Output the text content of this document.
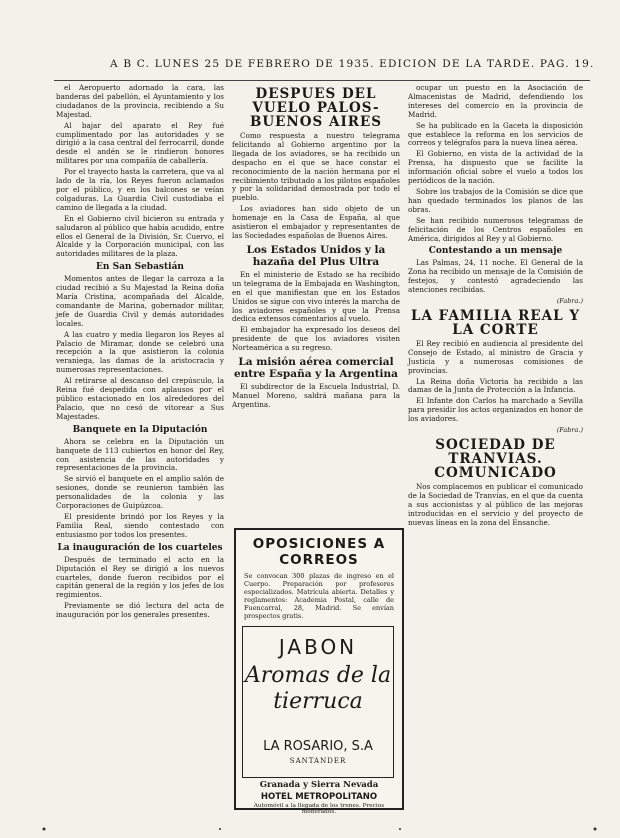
A B C. LUNES 25 DE FEBRERO DE 1935. EDICION DE LA TARDE. PAG. 19.

el Aeropuerto adornado la cara, las banderas del pabellón, el Ayuntamiento y los ciudadanos de la provincia, recibiendo a Su Majestad.

Al bajar del aparato el Rey fué cumplimentado por las autoridades y se dirigió a la casa central del ferrocarril, donde desde el andén se le rindieron honores militares por una compañía de caballería.

Por el trayecto hasta la carretera, que va al lado de la ría, los Reyes fueron aclamados por el público, y en los balcones se veían colgaduras. La Guardia Civil custodiaba el camino de llegada a la ciudad.

En el Gobierno civil hicieron su entrada y saludaron al público que había acudido, entre ellos el General de la División, Sr. Cuervo, el Alcalde y la Corporación municipal, con las autoridades militares de la plaza.

En San Sebastián

Momentos antes de llegar la carroza a la ciudad recibió a Su Majestad la Reina doña María Cristina, acompañada del Alcalde, comandante de Marina, gobernador militar, jefe de Guardia Civil y demás autoridades locales.

A las cuatro y media llegaron los Reyes al Palacio de Miramar, donde se celebró una recepción a la que asistieron la colonia veraniega, las damas de la aristocracia y numerosas representaciones.

Al retirarse al descanso del crepúsculo, la Reina fué despedida con aplausos por el público estacionado en los alrededores del Palacio, que no cesó de vitorear a Sus Majestades.

Banquete en la Diputación

Ahora se celebra en la Diputación un banquete de 113 cubiertos en honor del Rey, con asistencia de las autoridades y representaciones de la provincia.

Se sirvió el banquete en el amplio salón de sesiones, donde se reunieron también las personalidades de la colonia y las Corporaciones de Guipúzcoa.

El presidente brindó por los Reyes y la Familia Real, siendo contestado con entusiasmo por todos los presentes.

La inauguración de los cuarteles

Después de terminado el acto en la Diputación el Rey se dirigió a los nuevos cuarteles, donde fueron recibidos por el capitán general de la región y los jefes de los regimientos.

Previamente se dió lectura del acta de inauguración por los generales presentes.

DESPUES DEL VUELO PALOS-BUENOS AIRES

Como respuesta a nuestro telegrama felicitando al Gobierno argentino por la llegada de los aviadores, se ha recibido un despacho en el que se hace constar el reconocimiento de la nación hermana por el recibimiento tributado a los pilotos españoles y por la solidaridad demostrada por todo el pueblo.

Los aviadores han sido objeto de un homenaje en la Casa de España, al que asistieron el embajador y representantes de las Sociedades españolas de Buenos Aires.

Los Estados Unidos y la hazaña del Plus Ultra

En el ministerio de Estado se ha recibido un telegrama de la Embajada en Washington, en el que manifiestan que en los Estados Unidos se sigue con vivo interés la marcha de los aviadores españoles y que la Prensa dedica extensos comentarios al vuelo.

El embajador ha expresado los deseos del presidente de que los aviadores visiten Norteamérica a su regreso.

La misión aérea comercial entre España y la Argentina

El subdirector de la Escuela Industrial, D. Manuel Moreno, saldrá mañana para la Argentina.

OPOSICIONES A CORREOS
Se convocan 300 plazas de ingreso en el Cuerpo. Preparación por profesores especializados. Matrícula abierta. Detalles y reglamentos: Academia Postal, calle de Fuencarral, 28, Madrid. Se envían prospectos gratis.
JABON
Aromas de la tierruca
LA ROSARIO, S.A
SANTANDER
Granada y Sierra Nevada
HOTEL METROPOLITANO
Automóvil a la llegada de los trenes. Precios moderados.

ocupar un puesto en la Asociación de Almacenistas de Madrid, defendiendo los intereses del comercio en la provincia de Madrid.

Se ha publicado en la Gaceta la disposición que establece la reforma en los servicios de correos y telégrafos para la nueva línea aérea.

El Gobierno, en vista de la actividad de la Prensa, ha dispuesto que se facilite la información oficial sobre el vuelo a todos los periódicos de la nación.

Sobre los trabajos de la Comisión se dice que han quedado terminados los planos de las obras.

Se han recibido numerosos telegramas de felicitación de los Centros españoles en América, dirigidos al Rey y al Gobierno.

Contestando a un mensaje

Las Palmas, 24, 11 noche. El General de la Zona ha recibido un mensaje de la Comisión de festejos, y contestó agradeciendo las atenciones recibidas.

(Fabra.)
LA FAMILIA REAL Y LA CORTE

El Rey recibió en audiencia al presidente del Consejo de Estado, al ministro de Gracia y Justicia y a numerosas comisiones de provincias.

La Reina doña Victoria ha recibido a las damas de la Junta de Protección a la Infancia.

El Infante don Carlos ha marchado a Sevilla para presidir los actos organizados en honor de los aviadores.

(Fabra.)
SOCIEDAD DE TRANVIAS. COMUNICADO

Nos complacemos en publicar el comunicado de la Sociedad de Tranvías, en el que da cuenta a sus accionistas y al público de las mejoras introducidas en el servicio y del proyecto de nuevas líneas en la zona del Ensanche.
